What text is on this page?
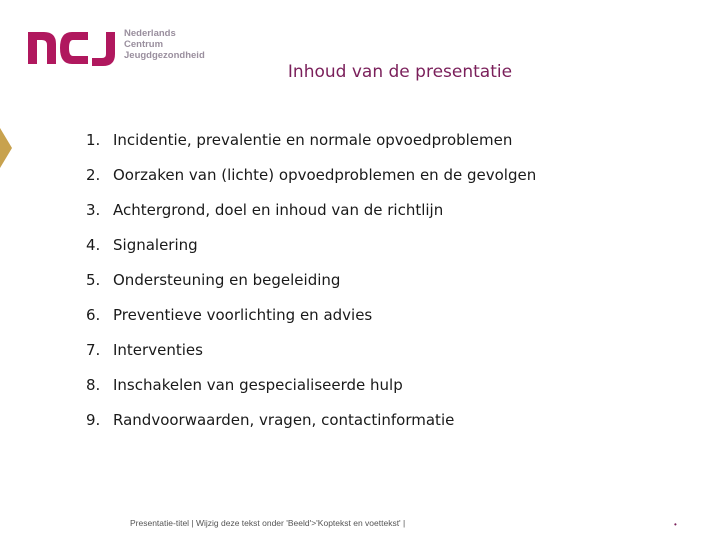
Nederlands
Centrum
Jeugdgezondheid
Inhoud van de presentatie
1. Incidentie, prevalentie en normale opvoedproblemen
2. Oorzaken van (lichte) opvoedproblemen en de gevolgen
3. Achtergrond, doel en inhoud van de richtlijn
4. Signalering
5. Ondersteuning en begeleiding
6. Preventieve voorlichting en advies
7. Interventies
8. Inschakelen van gespecialiseerde hulp
9. Randvoorwaarden, vragen, contactinformatie
Presentatie-titel | Wijzig deze tekst onder 'Beeld'>'Koptekst en voettekst' |	•
